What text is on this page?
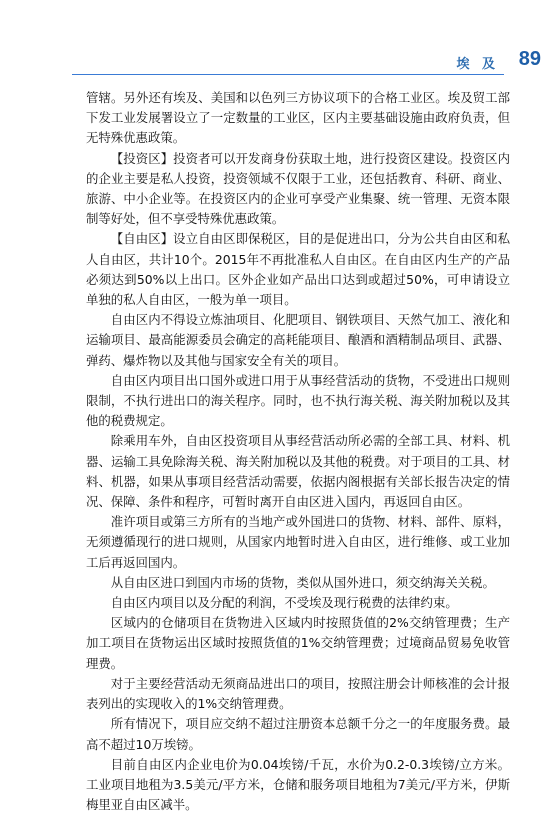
埃 及 89

管辖。另外还有埃及、美国和以色列三方协议项下的合格工业区。埃及贸工部下发工业发展署设立了一定数量的工业区，区内主要基础设施由政府负责，但无特殊优惠政策。

【投资区】投资者可以开发商身份获取土地，进行投资区建设。投资区内的企业主要是私人投资，投资领域不仅限于工业，还包括教育、科研、商业、旅游、中小企业等。在投资区内的企业可享受产业集聚、统一管理、无资本限制等好处，但不享受特殊优惠政策。

【自由区】设立自由区即保税区，目的是促进出口，分为公共自由区和私人自由区，共计10个。2015年不再批准私人自由区。在自由区内生产的产品必须达到50%以上出口。区外企业如产品出口达到或超过50%，可申请设立单独的私人自由区，一般为单一项目。

自由区内不得设立炼油项目、化肥项目、钢铁项目、天然气加工、液化和运输项目、最高能源委员会确定的高耗能项目、酿酒和酒精制品项目、武器、弹药、爆炸物以及其他与国家安全有关的项目。

自由区内项目出口国外或进口用于从事经营活动的货物，不受进出口规则限制，不执行进出口的海关程序。同时，也不执行海关税、海关附加税以及其他的税费规定。

除乘用车外，自由区投资项目从事经营活动所必需的全部工具、材料、机器、运输工具免除海关税、海关附加税以及其他的税费。对于项目的工具、材料、机器，如果从事项目经营活动需要，依据内阁根据有关部长报告决定的情况、保障、条件和程序，可暂时离开自由区进入国内，再返回自由区。

准许项目或第三方所有的当地产或外国进口的货物、材料、部件、原料，无须遵循现行的进口规则，从国家内地暂时进入自由区，进行维修、或工业加工后再返回国内。

从自由区进口到国内市场的货物，类似从国外进口，须交纳海关关税。

自由区内项目以及分配的利润，不受埃及现行税费的法律约束。

区域内的仓储项目在货物进入区域内时按照货值的2%交纳管理费；生产加工项目在货物运出区域时按照货值的1%交纳管理费；过境商品贸易免收管理费。

对于主要经营活动无须商品进出口的项目，按照注册会计师核准的会计报表列出的实现收入的1%交纳管理费。

所有情况下，项目应交纳不超过注册资本总额千分之一的年度服务费。最高不超过10万埃镑。

目前自由区内企业电价为0.04埃镑/千瓦，水价为0.2-0.3埃镑/立方米。工业项目地租为3.5美元/平方米，仓储和服务项目地租为7美元/平方米，伊斯梅里亚自由区减半。
